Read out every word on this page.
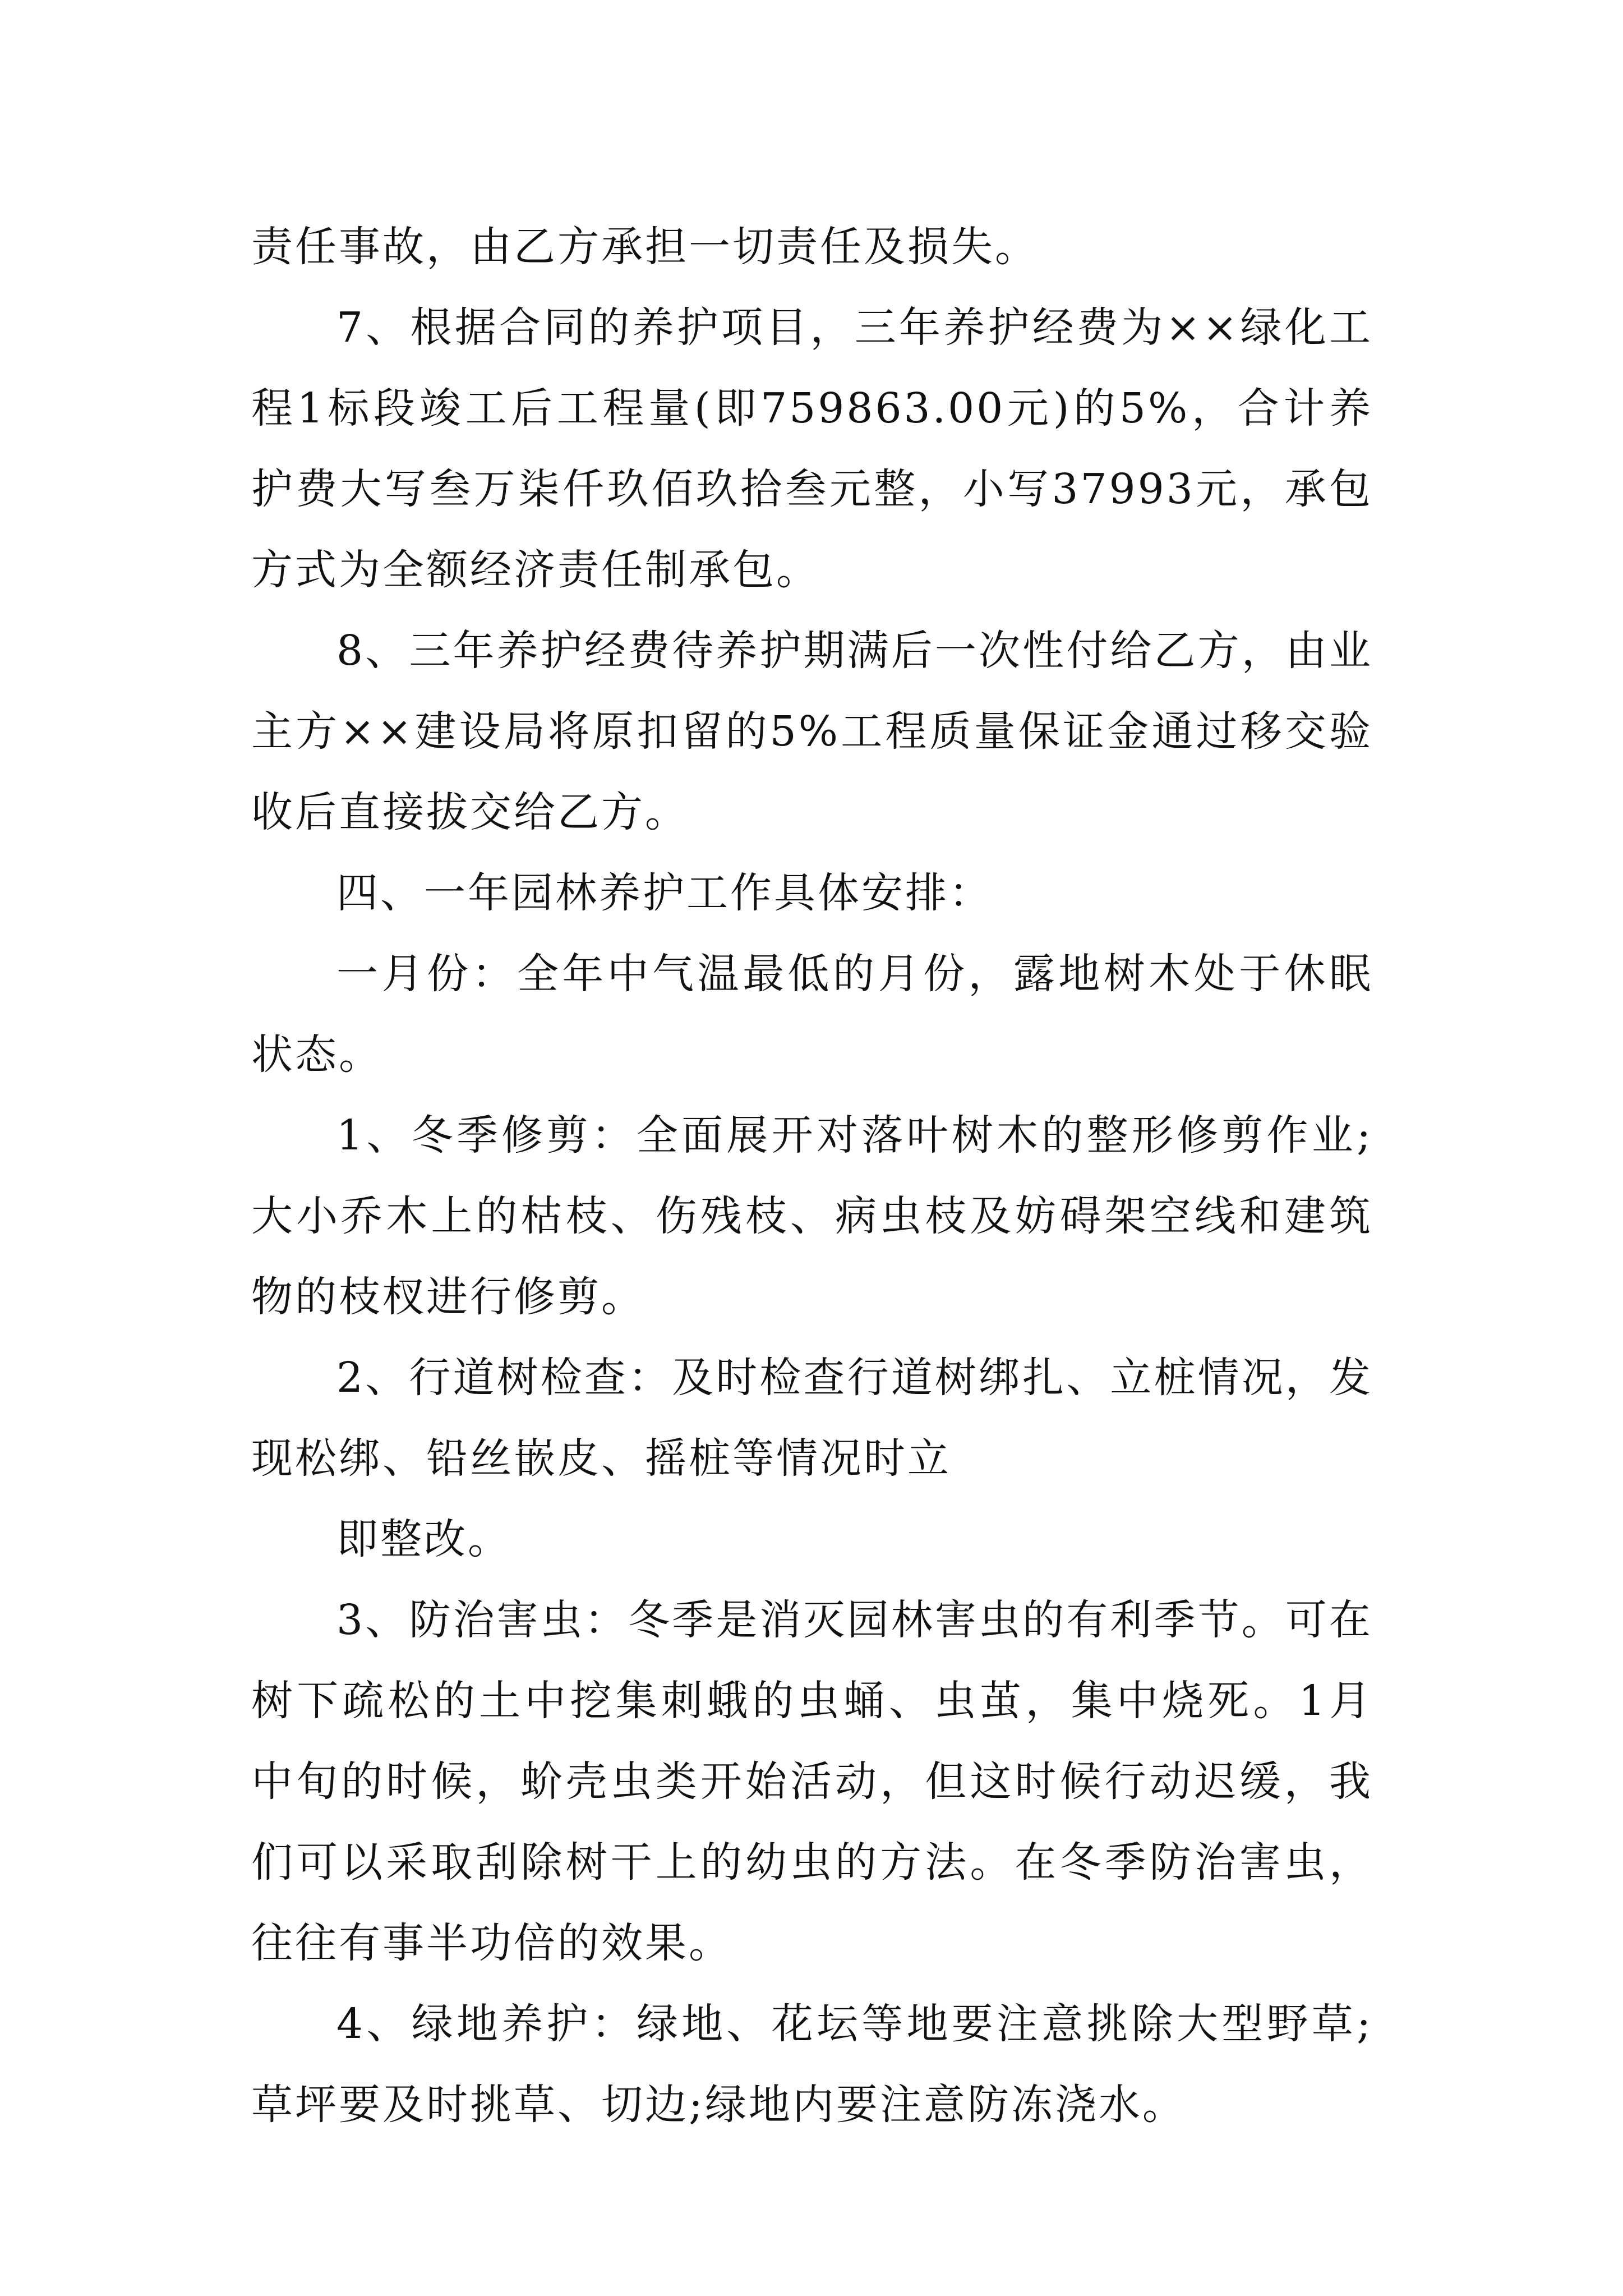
责任事故，由乙方承担一切责任及损失。

7、根据合同的养护项目，三年养护经费为××绿化工程1标段竣工后工程量(即759863.00元)的5%，合计养护费大写叁万柒仟玖佰玖拾叁元整，小写37993元，承包方式为全额经济责任制承包。

8、三年养护经费待养护期满后一次性付给乙方，由业主方××建设局将原扣留的5%工程质量保证金通过移交验收后直接拔交给乙方。

四、一年园林养护工作具体安排：

一月份：全年中气温最低的月份，露地树木处于休眠状态。

1、冬季修剪：全面展开对落叶树木的整形修剪作业;大小乔木上的枯枝、伤残枝、病虫枝及妨碍架空线和建筑物的枝杈进行修剪。

2、行道树检查：及时检查行道树绑扎、立桩情况，发现松绑、铅丝嵌皮、摇桩等情况时立

即整改。

3、防治害虫：冬季是消灭园林害虫的有利季节。可在树下疏松的土中挖集刺蛾的虫蛹、虫茧，集中烧死。1月中旬的时候，蚧壳虫类开始活动，但这时候行动迟缓，我们可以采取刮除树干上的幼虫的方法。在冬季防治害虫，往往有事半功倍的效果。

4、绿地养护：绿地、花坛等地要注意挑除大型野草;草坪要及时挑草、切边;绿地内要注意防冻浇水。
